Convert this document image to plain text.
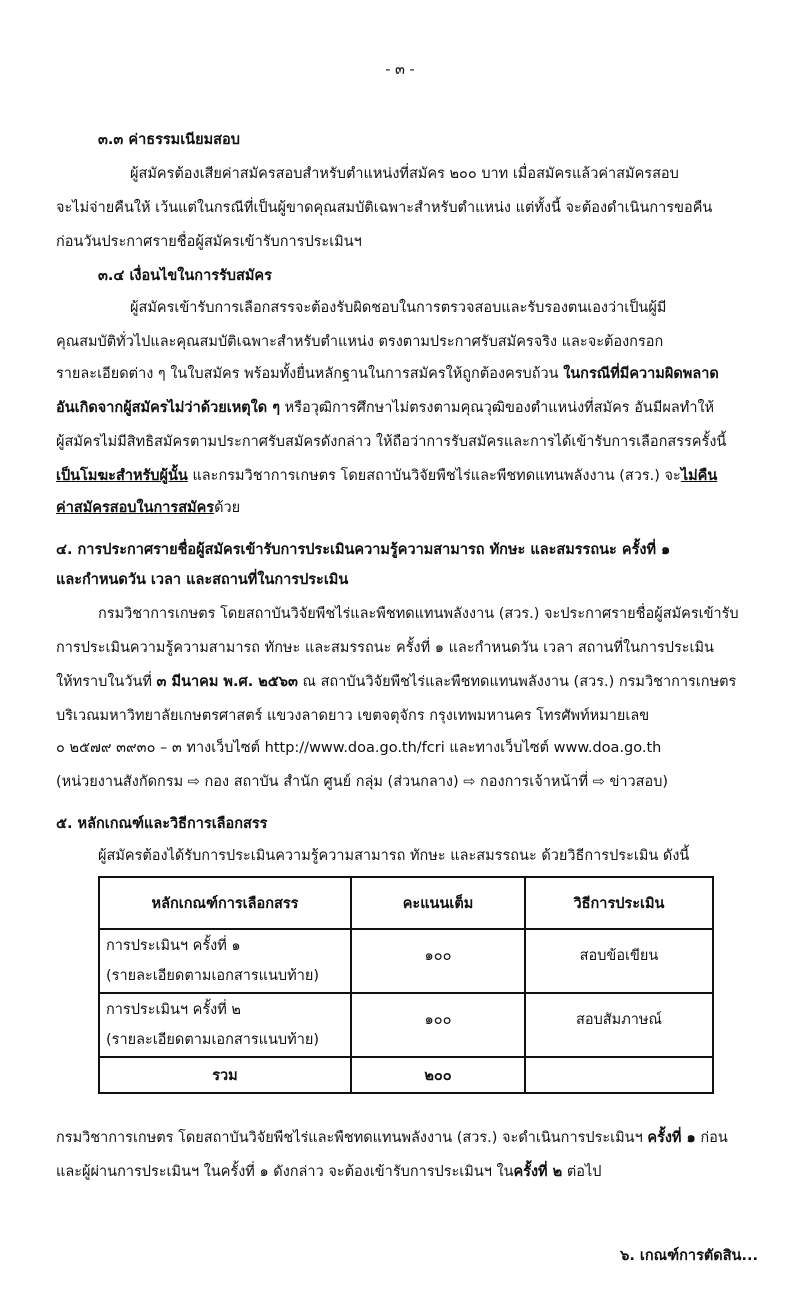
- ๓ -
๓.๓ ค่าธรรมเนียมสอบ
ผู้สมัครต้องเสียค่าสมัครสอบสำหรับตำแหน่งที่สมัคร ๒๐๐ บาท เมื่อสมัครแล้วค่าสมัครสอบ
จะไม่จ่ายคืนให้ เว้นแต่ในกรณีที่เป็นผู้ขาดคุณสมบัติเฉพาะสำหรับตำแหน่ง แต่ทั้งนี้ จะต้องดำเนินการขอคืน
ก่อนวันประกาศรายชื่อผู้สมัครเข้ารับการประเมินฯ
๓.๔ เงื่อนไขในการรับสมัคร
ผู้สมัครเข้ารับการเลือกสรรจะต้องรับผิดชอบในการตรวจสอบและรับรองตนเองว่าเป็นผู้มี
คุณสมบัติทั่วไปและคุณสมบัติเฉพาะสำหรับตำแหน่ง ตรงตามประกาศรับสมัครจริง และจะต้องกรอก
รายละเอียดต่าง ๆ ในใบสมัคร พร้อมทั้งยื่นหลักฐานในการสมัครให้ถูกต้องครบถ้วน ในกรณีที่มีความผิดพลาด
อันเกิดจากผู้สมัครไม่ว่าด้วยเหตุใด ๆ หรือวุฒิการศึกษาไม่ตรงตามคุณวุฒิของตำแหน่งที่สมัคร อันมีผลทำให้
ผู้สมัครไม่มีสิทธิสมัครตามประกาศรับสมัครดังกล่าว ให้ถือว่าการรับสมัครและการได้เข้ารับการเลือกสรรครั้งนี้
เป็นโมฆะสำหรับผู้นั้น และกรมวิชาการเกษตร โดยสถาบันวิจัยพืชไร่และพืชทดแทนพลังงาน (สวร.) จะไม่คืน
ค่าสมัครสอบในการสมัครด้วย
๔. การประกาศรายชื่อผู้สมัครเข้ารับการประเมินความรู้ความสามารถ ทักษะ และสมรรถนะ ครั้งที่ ๑
และกำหนดวัน เวลา และสถานที่ในการประเมิน
กรมวิชาการเกษตร โดยสถาบันวิจัยพืชไร่และพืชทดแทนพลังงาน (สวร.) จะประกาศรายชื่อผู้สมัครเข้ารับ
การประเมินความรู้ความสามารถ ทักษะ และสมรรถนะ ครั้งที่ ๑ และกำหนดวัน เวลา สถานที่ในการประเมิน
ให้ทราบในวันที่ ๓ มีนาคม พ.ศ. ๒๕๖๓ ณ สถาบันวิจัยพืชไร่และพืชทดแทนพลังงาน (สวร.) กรมวิชาการเกษตร
บริเวณมหาวิทยาลัยเกษตรศาสตร์ แขวงลาดยาว เขตจตุจักร กรุงเทพมหานคร โทรศัพท์หมายเลข
๐ ๒๕๗๙ ๓๙๓๐ – ๓ ทางเว็บไซต์ http://www.doa.go.th/fcri และทางเว็บไซต์ www.doa.go.th
(หน่วยงานสังกัดกรม ⇨ กอง สถาบัน สำนัก ศูนย์ กลุ่ม (ส่วนกลาง) ⇨ กองการเจ้าหน้าที่ ⇨ ข่าวสอบ)
๕. หลักเกณฑ์และวิธีการเลือกสรร
ผู้สมัครต้องได้รับการประเมินความรู้ความสามารถ ทักษะ และสมรรถนะ ด้วยวิธีการประเมิน ดังนี้
หลักเกณฑ์การเลือกสรร	คะแนนเต็ม	วิธีการประเมิน

การประเมินฯ ครั้งที่ ๑
(รายละเอียดตามเอกสารแนบท้าย)	๑๐๐	สอบข้อเขียน

การประเมินฯ ครั้งที่ ๒
(รายละเอียดตามเอกสารแนบท้าย)	๑๐๐	สอบสัมภาษณ์
รวม	๒๐๐	
กรมวิชาการเกษตร โดยสถาบันวิจัยพืชไร่และพืชทดแทนพลังงาน (สวร.) จะดำเนินการประเมินฯ ครั้งที่ ๑ ก่อน
และผู้ผ่านการประเมินฯ ในครั้งที่ ๑ ดังกล่าว จะต้องเข้ารับการประเมินฯ ในครั้งที่ ๒ ต่อไป
๖. เกณฑ์การตัดสิน...
